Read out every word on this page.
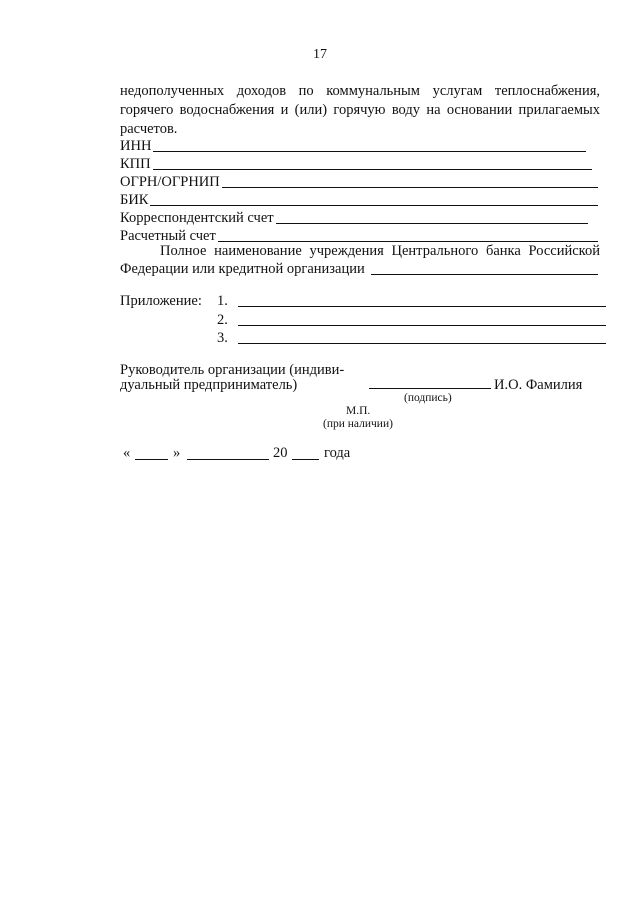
17
недополученных доходов по коммунальным услугам теплоснабжения,
горячего водоснабжения и (или) горячую воду на основании прилагаемых
расчетов.
ИНН
КПП
ОГРН/ОГРНИП
БИК
Корреспондентский счет
Расчетный счет
Полное наименование учреждения Центрального банка Российской
Федерации или кредитной организации
Приложение: 1.
2.
3.
Руководитель организации (индиви-
дуальный предприниматель)	И.О. Фамилия
(подпись)
М.П.
(при наличии)
«	»	20	года
